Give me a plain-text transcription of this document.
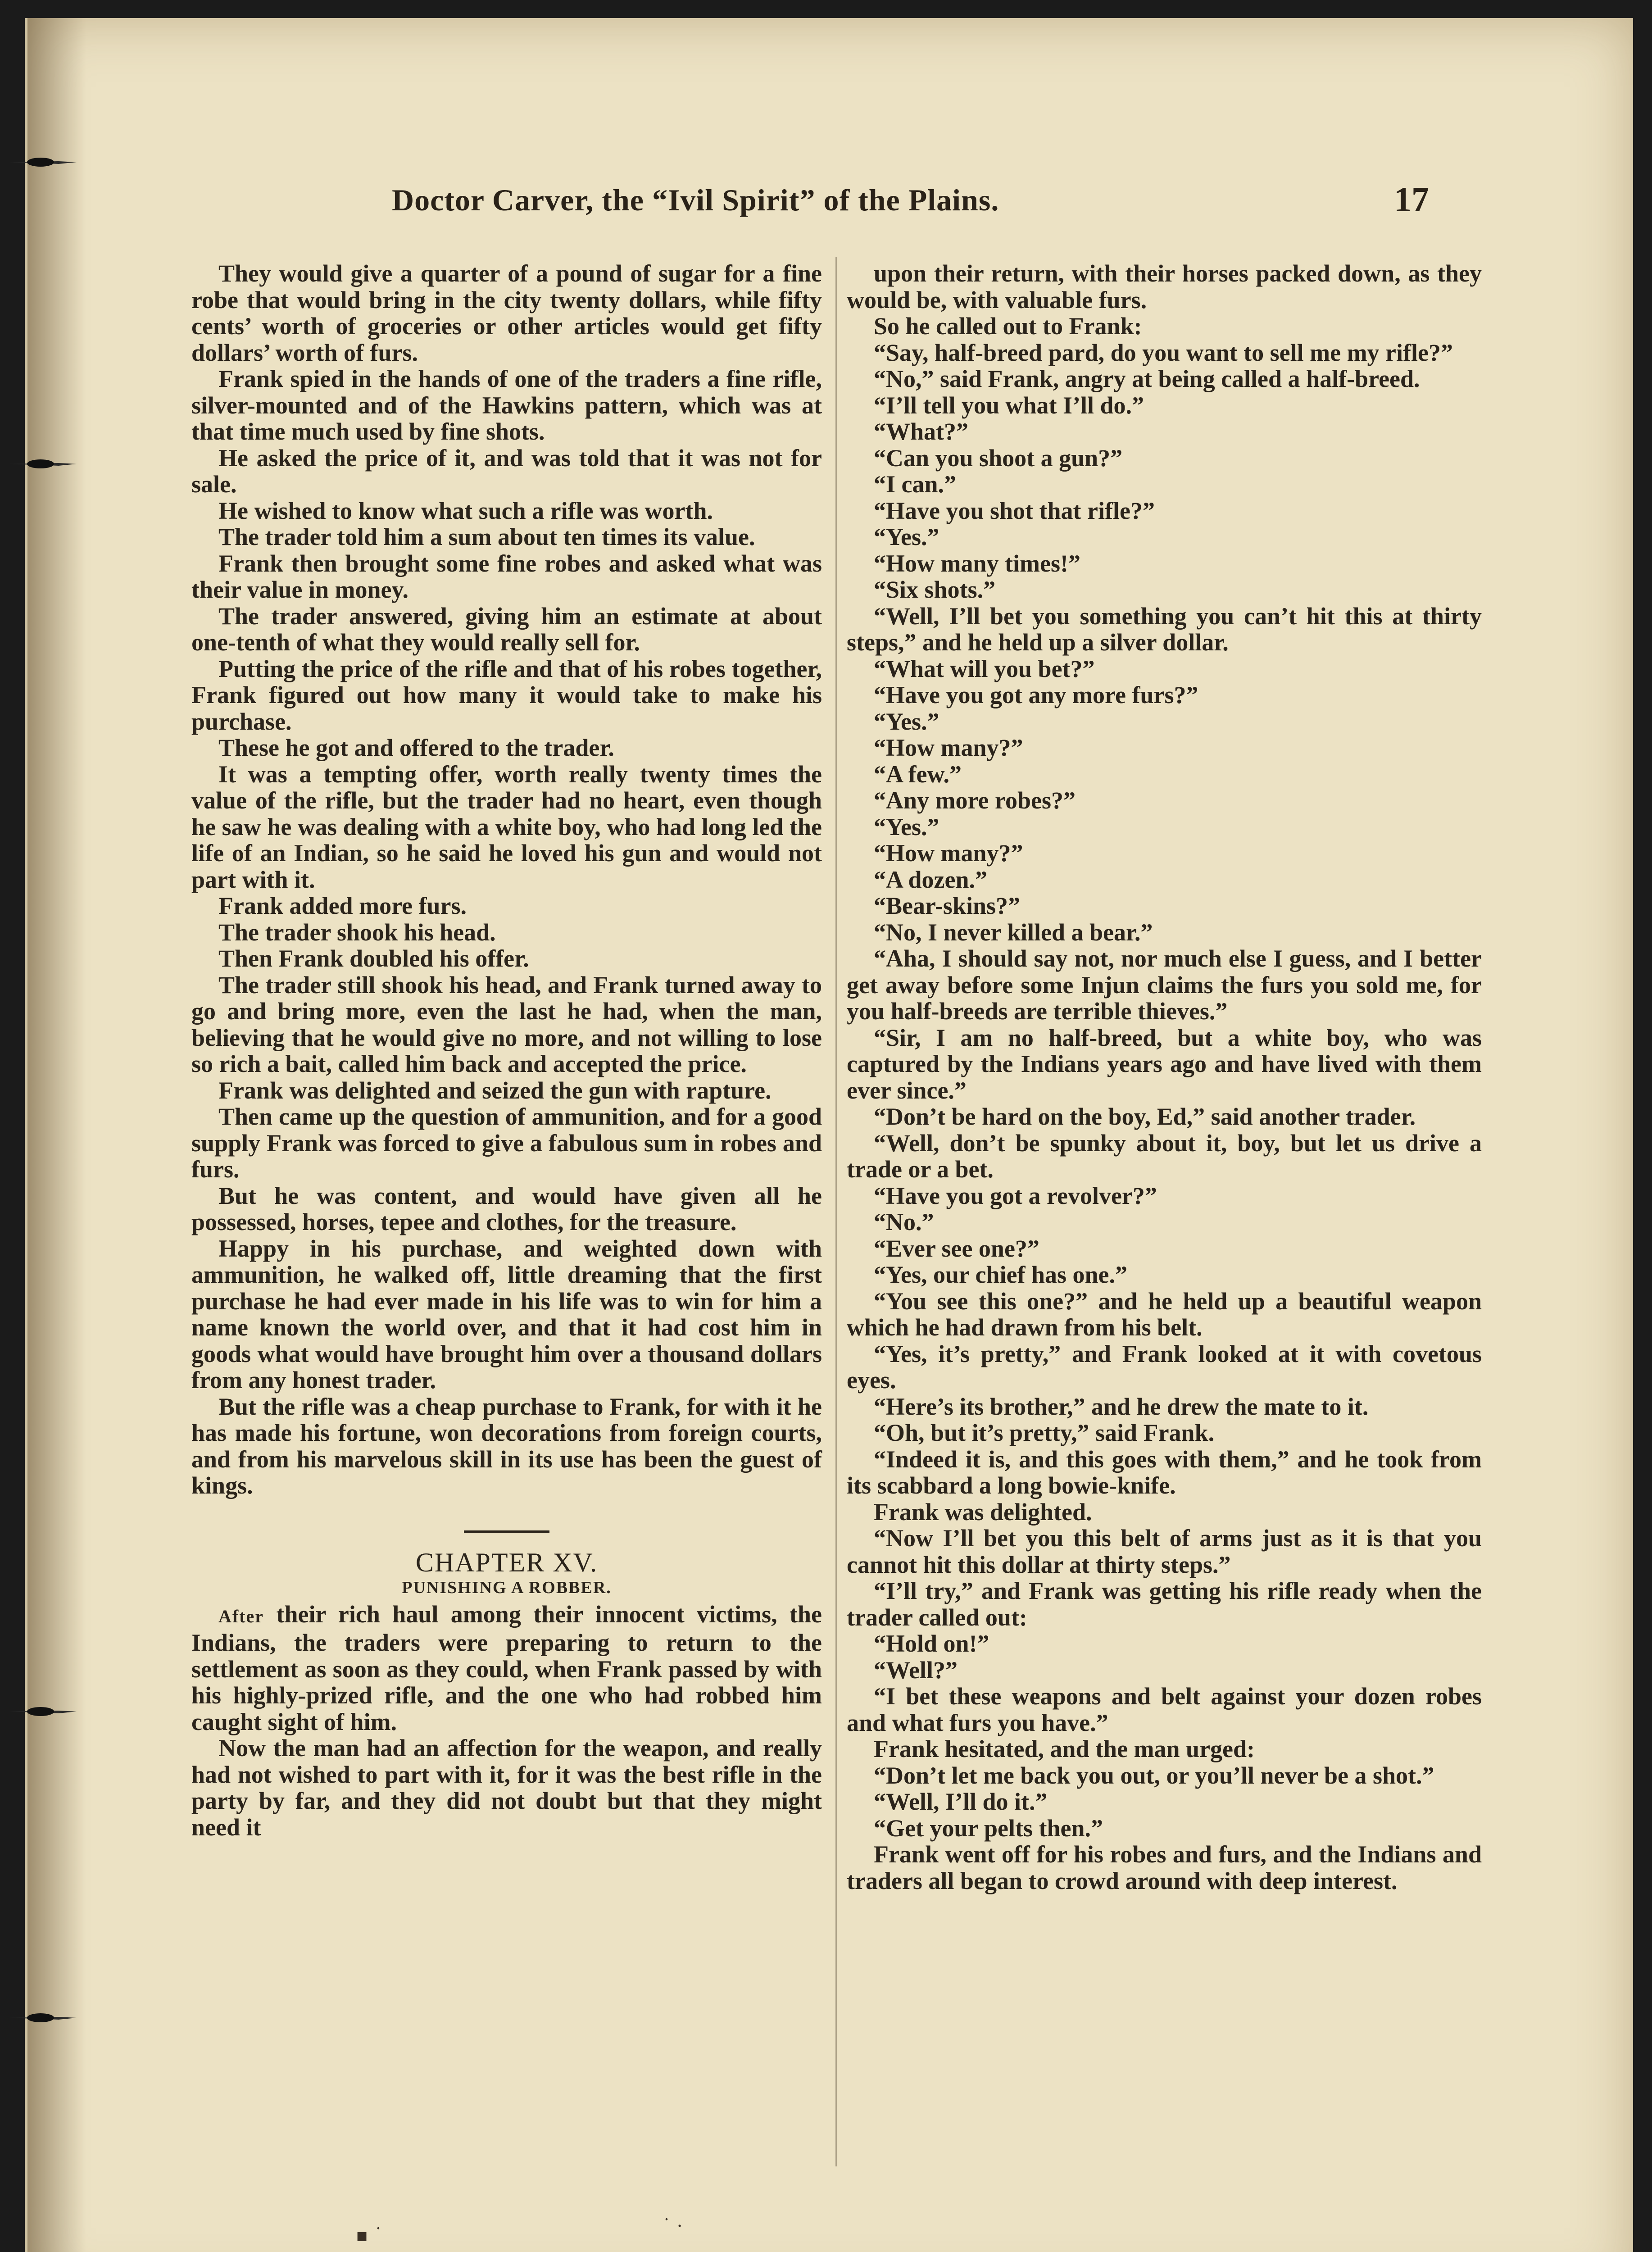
Doctor Carver, the “Ivil Spirit” of the Plains.	17

They would give a quarter of a pound of sugar for a fine robe that would bring in the city twenty dollars, while fifty cents’ worth of groceries or other articles would get fifty dollars’ worth of furs.

Frank spied in the hands of one of the traders a fine rifle, silver-mounted and of the Hawkins pattern, which was at that time much used by fine shots.

He asked the price of it, and was told that it was not for sale.

He wished to know what such a rifle was worth.

The trader told him a sum about ten times its value.

Frank then brought some fine robes and asked what was their value in money.

The trader answered, giving him an estimate at about one-tenth of what they would really sell for.

Putting the price of the rifle and that of his robes together, Frank figured out how many it would take to make his purchase.

These he got and offered to the trader.

It was a tempting offer, worth really twenty times the value of the rifle, but the trader had no heart, even though he saw he was dealing with a white boy, who had long led the life of an Indian, so he said he loved his gun and would not part with it.

Frank added more furs.

The trader shook his head.

Then Frank doubled his offer.

The trader still shook his head, and Frank turned away to go and bring more, even the last he had, when the man, believing that he would give no more, and not willing to lose so rich a bait, called him back and accepted the price.

Frank was delighted and seized the gun with rapture.

Then came up the question of ammunition, and for a good supply Frank was forced to give a fabulous sum in robes and furs.

But he was content, and would have given all he possessed, horses, tepee and clothes, for the treasure.

Happy in his purchase, and weighted down with ammunition, he walked off, little dreaming that the first purchase he had ever made in his life was to win for him a name known the world over, and that it had cost him in goods what would have brought him over a thousand dollars from any honest trader.

But the rifle was a cheap purchase to Frank, for with it he has made his fortune, won decorations from foreign courts, and from his marvelous skill in its use has been the guest of kings.

CHAPTER XV.
PUNISHING A ROBBER.

After their rich haul among their innocent victims, the Indians, the traders were preparing to return to the settlement as soon as they could, when Frank passed by with his highly-prized rifle, and the one who had robbed him caught sight of him.

Now the man had an affection for the weapon, and really had not wished to part with it, for it was the best rifle in the party by far, and they did not doubt but that they might need it

upon their return, with their horses packed down, as they would be, with valuable furs.

So he called out to Frank:

“Say, half-breed pard, do you want to sell me my rifle?”

“No,” said Frank, angry at being called a half-breed.

“I’ll tell you what I’ll do.”

“What?”

“Can you shoot a gun?”

“I can.”

“Have you shot that rifle?”

“Yes.”

“How many times!”

“Six shots.”

“Well, I’ll bet you something you can’t hit this at thirty steps,” and he held up a silver dollar.

“What will you bet?”

“Have you got any more furs?”

“Yes.”

“How many?”

“A few.”

“Any more robes?”

“Yes.”

“How many?”

“A dozen.”

“Bear-skins?”

“No, I never killed a bear.”

“Aha, I should say not, nor much else I guess, and I better get away before some Injun claims the furs you sold me, for you half-breeds are terrible thieves.”

“Sir, I am no half-breed, but a white boy, who was captured by the Indians years ago and have lived with them ever since.”

“Don’t be hard on the boy, Ed,” said another trader.

“Well, don’t be spunky about it, boy, but let us drive a trade or a bet.

“Have you got a revolver?”

“No.”

“Ever see one?”

“Yes, our chief has one.”

“You see this one?” and he held up a beautiful weapon which he had drawn from his belt.

“Yes, it’s pretty,” and Frank looked at it with covetous eyes.

“Here’s its brother,” and he drew the mate to it.

“Oh, but it’s pretty,” said Frank.

“Indeed it is, and this goes with them,” and he took from its scabbard a long bowie-knife.

Frank was delighted.

“Now I’ll bet you this belt of arms just as it is that you cannot hit this dollar at thirty steps.”

“I’ll try,” and Frank was getting his rifle ready when the trader called out:

“Hold on!”

“Well?”

“I bet these weapons and belt against your dozen robes and what furs you have.”

Frank hesitated, and the man urged:

“Don’t let me back you out, or you’ll never be a shot.”

“Well, I’ll do it.”

“Get your pelts then.”

Frank went off for his robes and furs, and the Indians and traders all began to crowd around with deep interest.

▪ ˙	˙ ·
